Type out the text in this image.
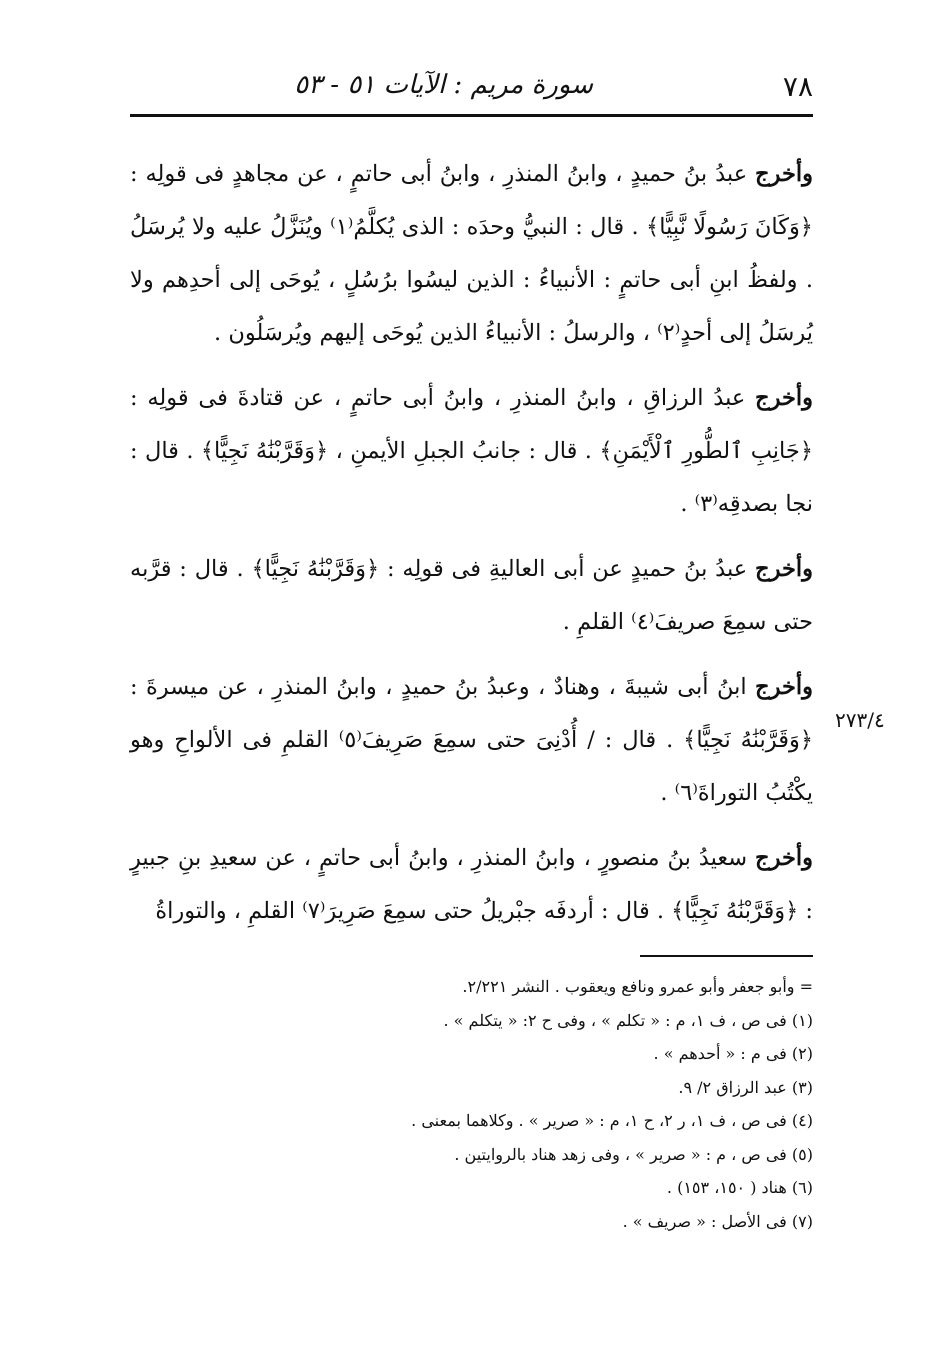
٧٨
سورة مريم : الآيات ٥١ - ٥٣

وأخرج عبدُ بنُ حميدٍ ، وابنُ المنذرِ ، وابنُ أبى حاتمٍ ، عن مجاهدٍ فى قولِه : ﴿وَكَانَ رَسُولًا نَّبِيًّا﴾ . قال : النبيُّ وحدَه : الذى يُكلَّمُ⁽١⁾ ويُنَزَّلُ عليه ولا يُرسَلُ . ولفظُ ابنِ أبى حاتمٍ : الأنبياءُ : الذين ليسُوا برُسُلٍ ، يُوحَى إلى أحدِهم ولا يُرسَلُ إلى أحدٍ⁽٢⁾ ، والرسلُ : الأنبياءُ الذين يُوحَى إليهم ويُرسَلُون .

وأخرج عبدُ الرزاقِ ، وابنُ المنذرِ ، وابنُ أبى حاتمٍ ، عن قتادةَ فى قولِه : ﴿جَانِبِ ٱلطُّورِ ٱلْأَيْمَنِ﴾ . قال : جانبُ الجبلِ الأيمنِ ، ﴿وَقَرَّبْنَٰهُ نَجِيًّا﴾ . قال : نجا بصدقِه⁽٣⁾ .

وأخرج عبدُ بنُ حميدٍ عن أبى العاليةِ فى قولِه : ﴿وَقَرَّبْنَٰهُ نَجِيًّا﴾ . قال : قرَّبه حتى سمِعَ صريفَ⁽٤⁾ القلمِ .

وأخرج ابنُ أبى شيبةَ ، وهنادٌ ، وعبدُ بنُ حميدٍ ، وابنُ المنذرِ ، عن ميسرةَ : ﴿وَقَرَّبْنَٰهُ نَجِيًّا﴾ . قال : / أُدْنِىَ حتى سمِعَ صَرِيفَ⁽٥⁾ القلمِ فى الألواحِ وهو يكْتُبُ التوراةَ⁽٦⁾ .

وأخرج سعيدُ بنُ منصورٍ ، وابنُ المنذرِ ، وابنُ أبى حاتمٍ ، عن سعيدِ بنِ جبيرٍ : ﴿وَقَرَّبْنَٰهُ نَجِيًّا﴾ . قال : أردفَه جبْريلُ حتى سمِعَ صَرِيرَ⁽٧⁾ القلمِ ، والتوراةُ

٢٧٣/٤

= وأبو جعفر وأبو عمرو ونافع ويعقوب . النشر ٢/٢٢١.

(١) فى ص ، ف ١، م : « تكلم » ، وفى ح ٢: « يتكلم » .

(٢) فى م : « أحدهم » .

(٣) عبد الرزاق ٢/ ٩.

(٤) فى ص ، ف ١، ر ٢، ح ١، م : « صرير » . وكلاهما بمعنى .

(٥) فى ص ، م : « صرير » ، وفى زهد هناد بالروايتين .

(٦) هناد ( ١٥٠، ١٥٣) .

(٧) فى الأصل : « صريف » .
